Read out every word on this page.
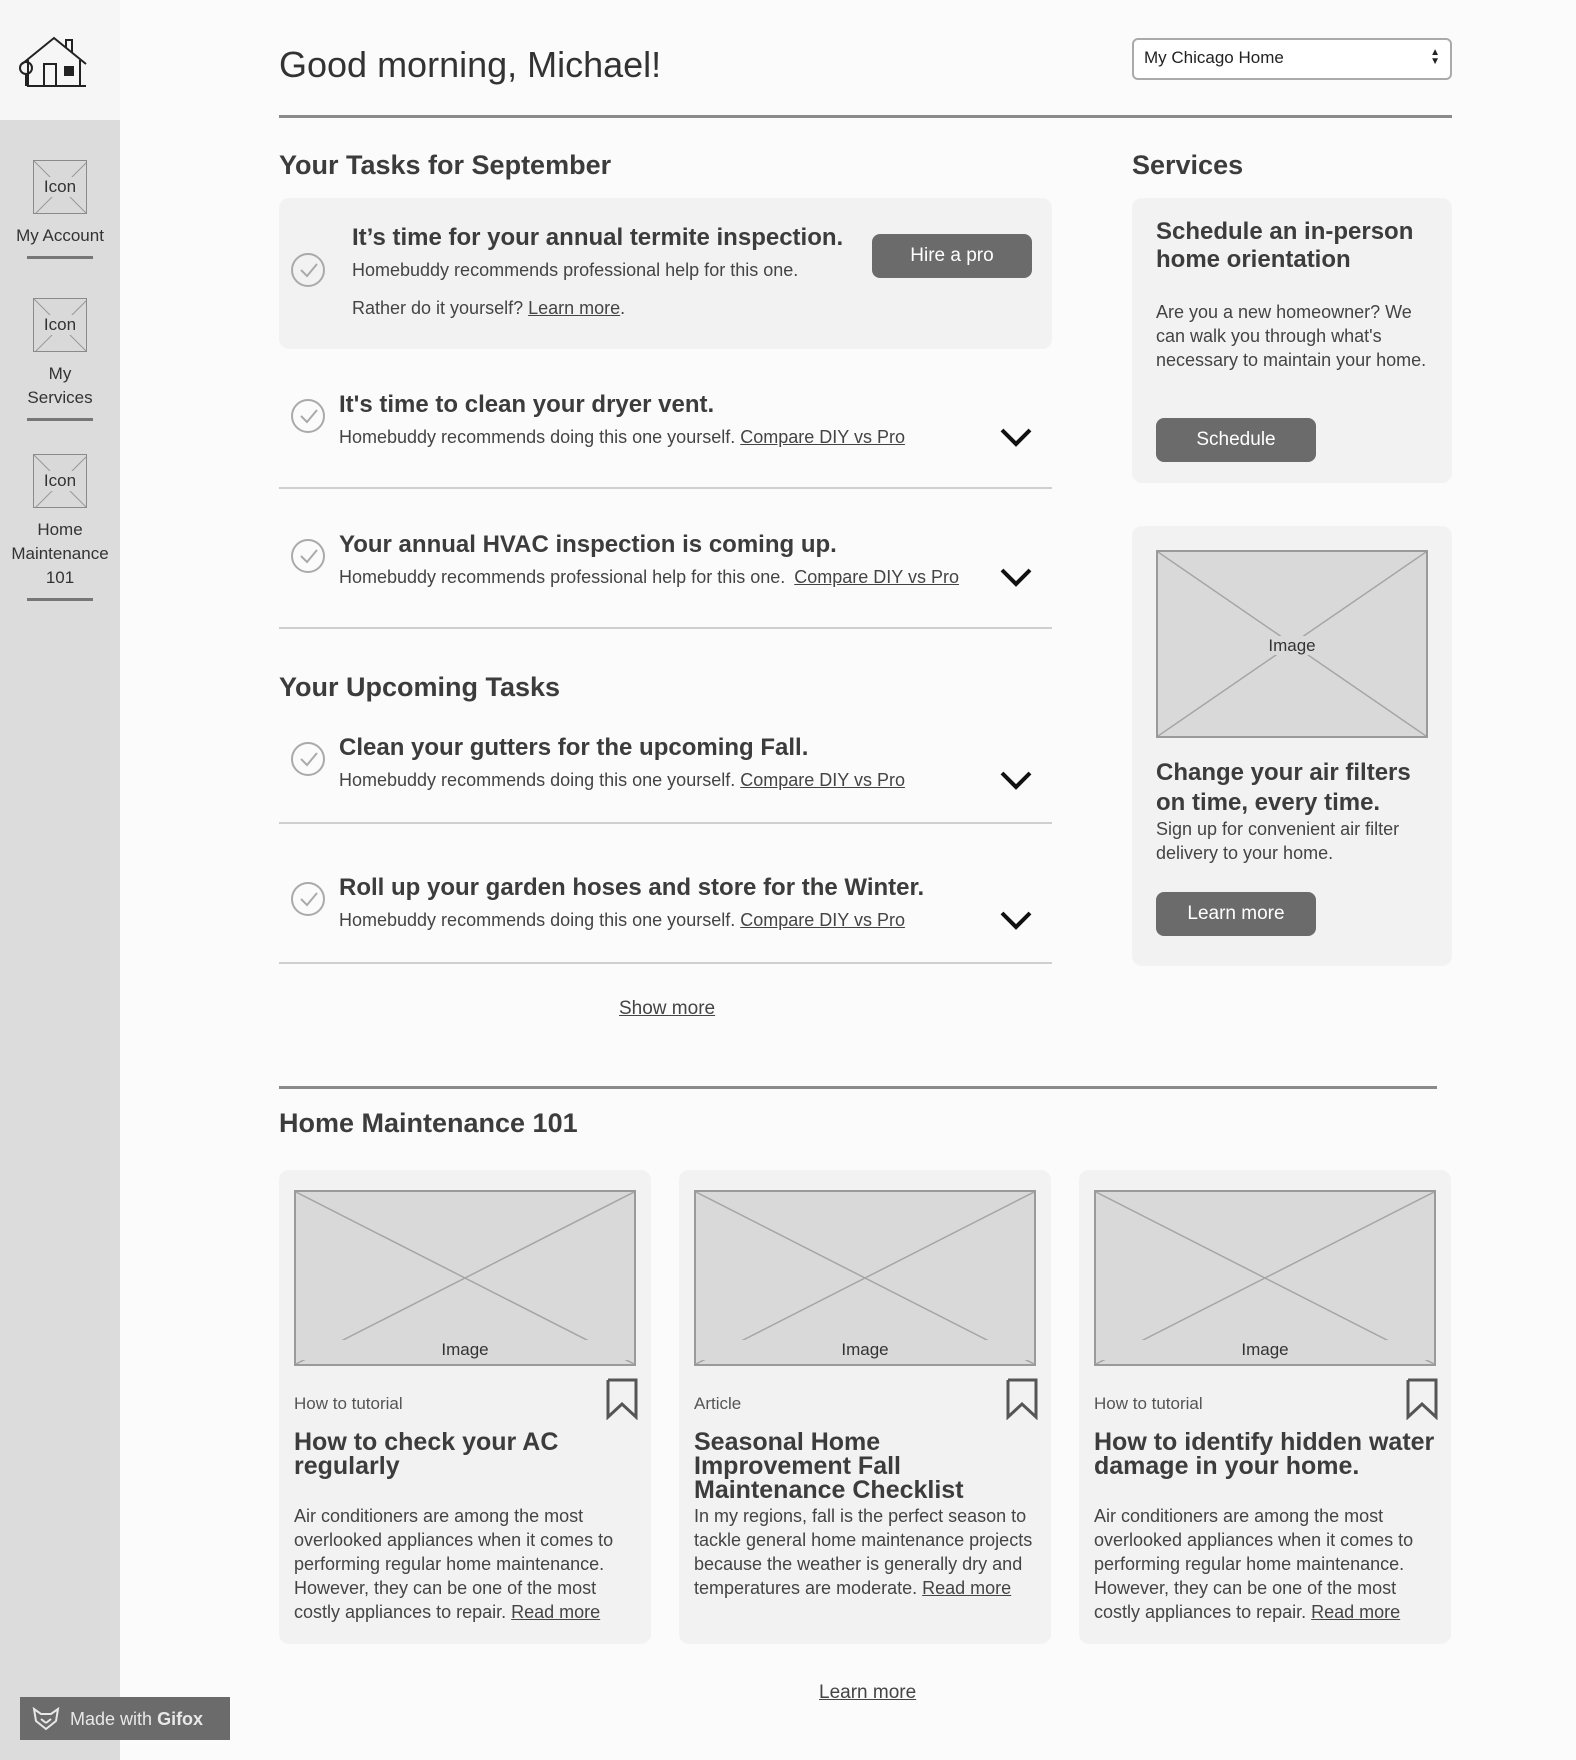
Icon
My Account
Icon
My
Services
Icon
Home
Maintenance
101
Good morning, Michael!	My Chicago Home	▲
▼
Your Tasks for September
It’s time for your annual termite inspection.
Homebuddy recommends professional help for this one.
Rather do it yourself? Learn more.
Hire a pro
It's time to clean your dryer vent.
Homebuddy recommends doing this one yourself. Compare DIY vs Pro
Your annual HVAC inspection is coming up.
Homebuddy recommends professional help for this one. Compare DIY vs Pro
Your Upcoming Tasks
Clean your gutters for the upcoming Fall.
Homebuddy recommends doing this one yourself. Compare DIY vs Pro
Roll up your garden hoses and store for the Winter.
Homebuddy recommends doing this one yourself. Compare DIY vs Pro
Show more
Services
Schedule an in-person home orientation
Are you a new homeowner? We can walk you through what's necessary to maintain your home.
Schedule
Image
Change your air filters on time, every time.
Sign up for convenient air filter delivery to your home.
Learn more
Home Maintenance 101
Image
How to tutorial
How to check your AC regularly
Air conditioners are among the most overlooked appliances when it comes to performing regular home maintenance. However, they can be one of the most costly appliances to repair. Read more
Image
Article
Seasonal Home Improvement Fall Maintenance Checklist
In my regions, fall is the perfect season to tackle general home maintenance projects because the weather is generally dry and temperatures are moderate. Read more
Image
How to tutorial
How to identify hidden water damage in your home.
Air conditioners are among the most overlooked appliances when it comes to performing regular home maintenance. However, they can be one of the most costly appliances to repair. Read more
Learn more
Made with Gifox
